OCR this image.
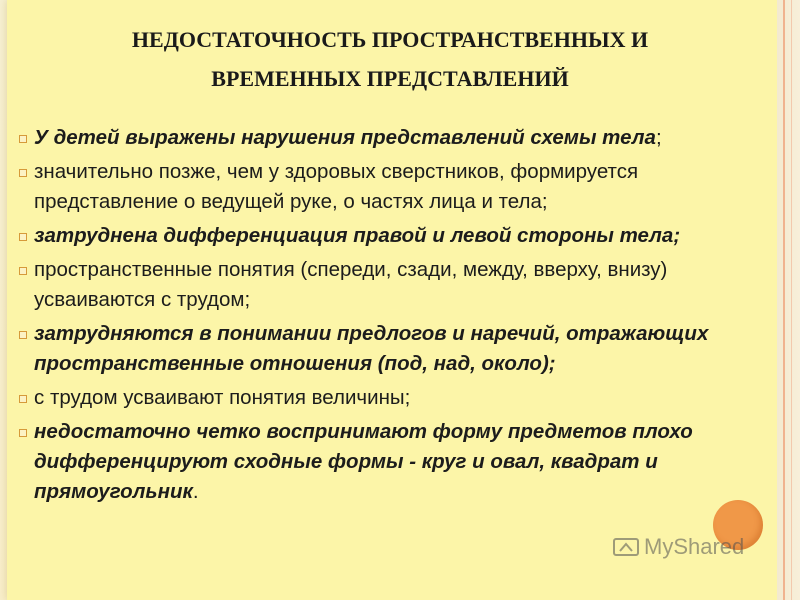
НЕДОСТАТОЧНОСТЬ ПРОСТРАНСТВЕННЫХ И
ВРЕМЕННЫХ ПРЕДСТАВЛЕНИЙ
У детей выражены нарушения представлений схемы тела;
значительно позже, чем у здоровых сверстников, формируется представление о ведущей руке, о частях лица и тела;
затруднена дифференциация правой и левой стороны тела;
пространственные понятия (спереди, сзади, между, вверху, внизу) усваиваются с трудом;
затрудняются в понимании предлогов и наречий, отражающих пространственные отношения (под, над, около);
с трудом усваивают понятия величины;
недостаточно четко воспринимают форму предметов плохо дифференцируют сходные формы - круг и овал, квадрат и прямоугольник.
MyShared
